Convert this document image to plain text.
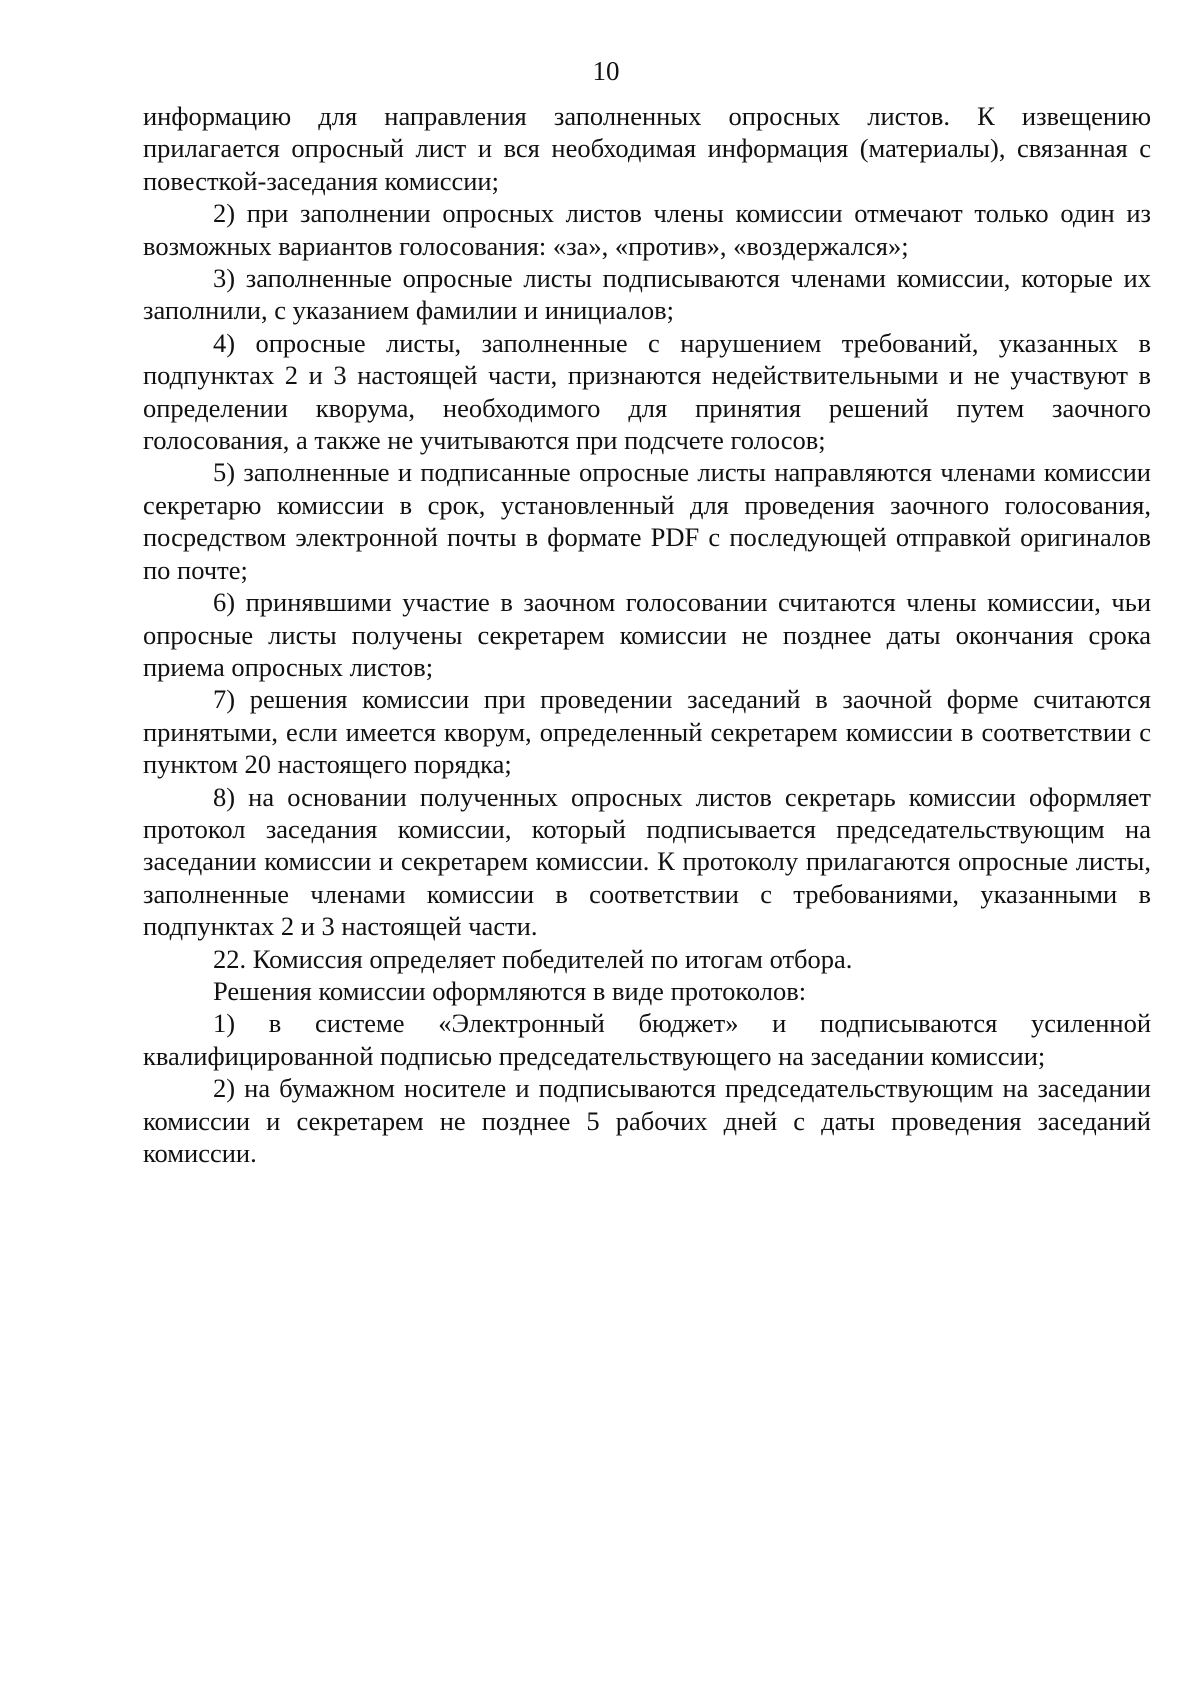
10

информацию для направления заполненных опросных листов. К извещению прилагается опросный лист и вся необходимая информация (материалы), связанная с повесткой-заседания комиссии;

2) при заполнении опросных листов члены комиссии отмечают только один из возможных вариантов голосования: «за», «против», «воздержался»;

3) заполненные опросные листы подписываются членами комиссии, которые их заполнили, с указанием фамилии и инициалов;

4) опросные листы, заполненные с нарушением требований, указанных в подпунктах 2 и 3 настоящей части, признаются недействительными и не участвуют в определении кворума, необходимого для принятия решений путем заочного голосования, а также не учитываются при подсчете голосов;

5) заполненные и подписанные опросные листы направляются членами комиссии секретарю комиссии в срок, установленный для проведения заочного голосования, посредством электронной почты в формате PDF с последующей отправкой оригиналов по почте;

6) принявшими участие в заочном голосовании считаются члены комиссии, чьи опросные листы получены секретарем комиссии не позднее даты окончания срока приема опросных листов;

7) решения комиссии при проведении заседаний в заочной форме считаются принятыми, если имеется кворум, определенный секретарем комиссии в соответствии с пунктом 20 настоящего порядка;

8) на основании полученных опросных листов секретарь комиссии оформляет протокол заседания комиссии, который подписывается председательствующим на заседании комиссии и секретарем комиссии. К протоколу прилагаются опросные листы, заполненные членами комиссии в соответствии с требованиями, указанными в подпунктах 2 и 3 настоящей части.

22. Комиссия определяет победителей по итогам отбора.

Решения комиссии оформляются в виде протоколов:

1) в системе «Электронный бюджет» и подписываются усиленной квалифицированной подписью председательствующего на заседании комиссии;

2) на бумажном носителе и подписываются председательствующим на заседании комиссии и секретарем не позднее 5 рабочих дней с даты проведения заседаний комиссии.
